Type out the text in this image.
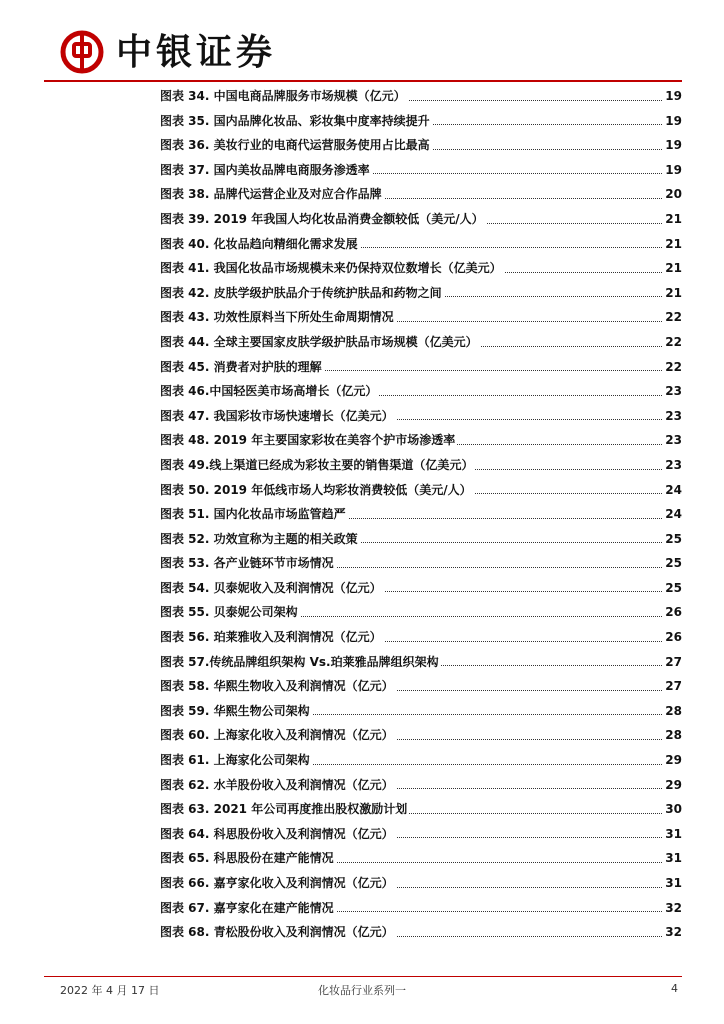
中银证券
图表 34. 中国电商品牌服务市场规模（亿元）	19
图表 35. 国内品牌化妆品、彩妆集中度率持续提升	19
图表 36. 美妆行业的电商代运营服务使用占比最高	19
图表 37. 国内美妆品牌电商服务渗透率	19
图表 38. 品牌代运营企业及对应合作品牌	20
图表 39. 2019 年我国人均化妆品消费金额较低（美元/人）	21
图表 40. 化妆品趋向精细化需求发展	21
图表 41. 我国化妆品市场规模未来仍保持双位数增长（亿美元）	21
图表 42. 皮肤学级护肤品介于传统护肤品和药物之间	21
图表 43. 功效性原料当下所处生命周期情况	22
图表 44. 全球主要国家皮肤学级护肤品市场规模（亿美元）	22
图表 45. 消费者对护肤的理解	22
图表 46.中国轻医美市场高增长（亿元）	23
图表 47. 我国彩妆市场快速增长（亿美元）	23
图表 48. 2019 年主要国家彩妆在美容个护市场渗透率	23
图表 49.线上渠道已经成为彩妆主要的销售渠道（亿美元）	23
图表 50. 2019 年低线市场人均彩妆消费较低（美元/人）	24
图表 51. 国内化妆品市场监管趋严	24
图表 52. 功效宣称为主题的相关政策	25
图表 53. 各产业链环节市场情况	25
图表 54. 贝泰妮收入及利润情况（亿元）	25
图表 55. 贝泰妮公司架构	26
图表 56. 珀莱雅收入及利润情况（亿元）	26
图表 57.传统品牌组织架构 Vs.珀莱雅品牌组织架构	27
图表 58. 华熙生物收入及利润情况（亿元）	27
图表 59. 华熙生物公司架构	28
图表 60. 上海家化收入及利润情况（亿元）	28
图表 61. 上海家化公司架构	29
图表 62. 水羊股份收入及利润情况（亿元）	29
图表 63. 2021 年公司再度推出股权激励计划	30
图表 64. 科思股份收入及利润情况（亿元）	31
图表 65. 科思股份在建产能情况	31
图表 66. 嘉亨家化收入及利润情况（亿元）	31
图表 67. 嘉亨家化在建产能情况	32
图表 68. 青松股份收入及利润情况（亿元）	32
2022 年 4 月 17 日	化妆品行业系列一	4
